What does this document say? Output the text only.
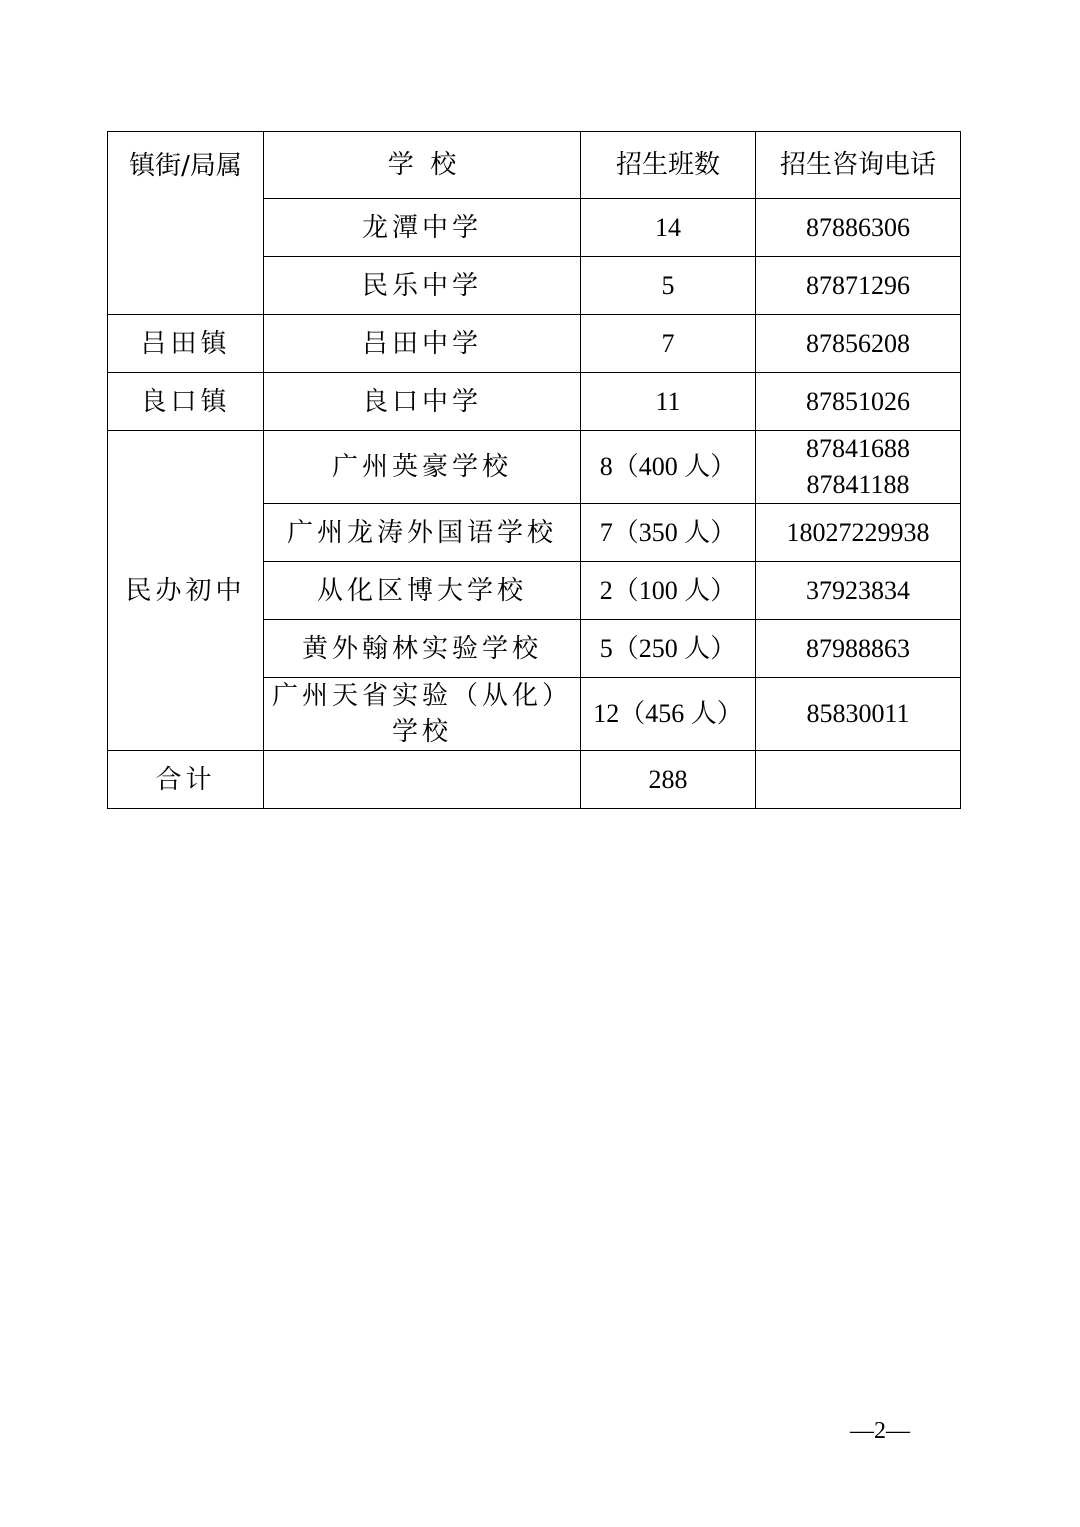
镇街/局属	学  校	招生班数	招生咨询电话
	龙潭中学	14	87886306
	民乐中学	5	87871296
吕田镇	吕田中学	7	87856208
良口镇	良口中学	11	87851026
民办初中	广州英豪学校	8（400 人）	87841688
87841188

	广州龙涛外国语学校	7（350 人）	18027229938
	从化区博大学校	2（100 人）	37923834
	黄外翰林实验学校	5（250 人）	87988863

	广州天省实验（从化）
学校	12（456 人）	85830011
合计		288	
—2—
